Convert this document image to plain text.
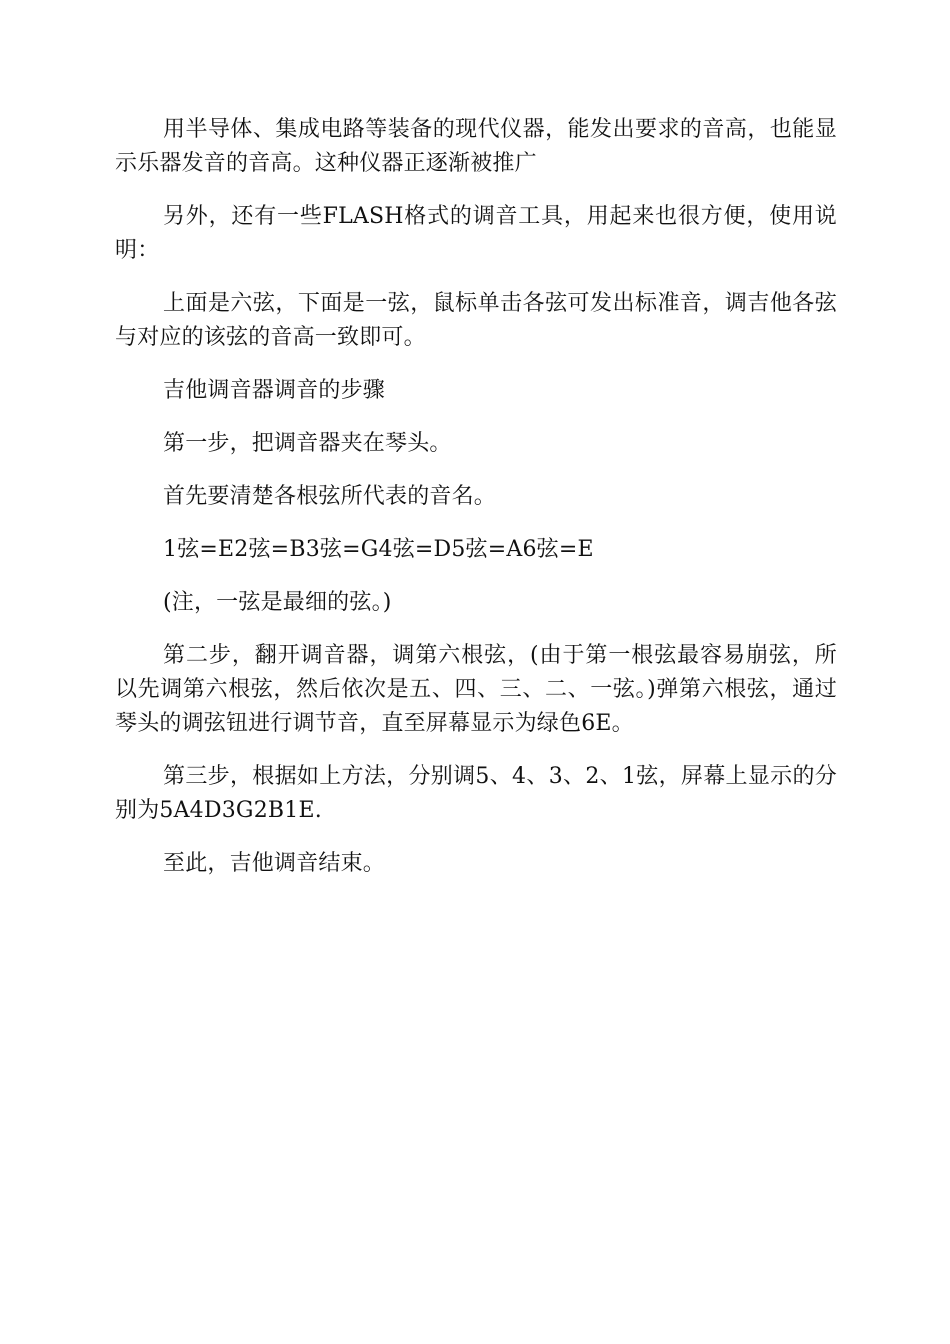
用半导体、集成电路等装备的现代仪器，能发出要求的音高，也能显示乐器发音的音高。这种仪器正逐渐被推广

另外，还有一些FLASH格式的调音工具，用起来也很方便，使用说明：

上面是六弦，下面是一弦，鼠标单击各弦可发出标准音，调吉他各弦与对应的该弦的音高一致即可。

吉他调音器调音的步骤

第一步，把调音器夹在琴头。

首先要清楚各根弦所代表的音名。

1弦=E2弦=B3弦=G4弦=D5弦=A6弦=E

(注，一弦是最细的弦。)

第二步，翻开调音器，调第六根弦，(由于第一根弦最容易崩弦，所以先调第六根弦，然后依次是五、四、三、二、一弦。)弹第六根弦，通过琴头的调弦钮进行调节音，直至屏幕显示为绿色6E。

第三步，根据如上方法，分别调5、4、3、2、1弦，屏幕上显示的分别为5A4D3G2B1E.

至此，吉他调音结束。
